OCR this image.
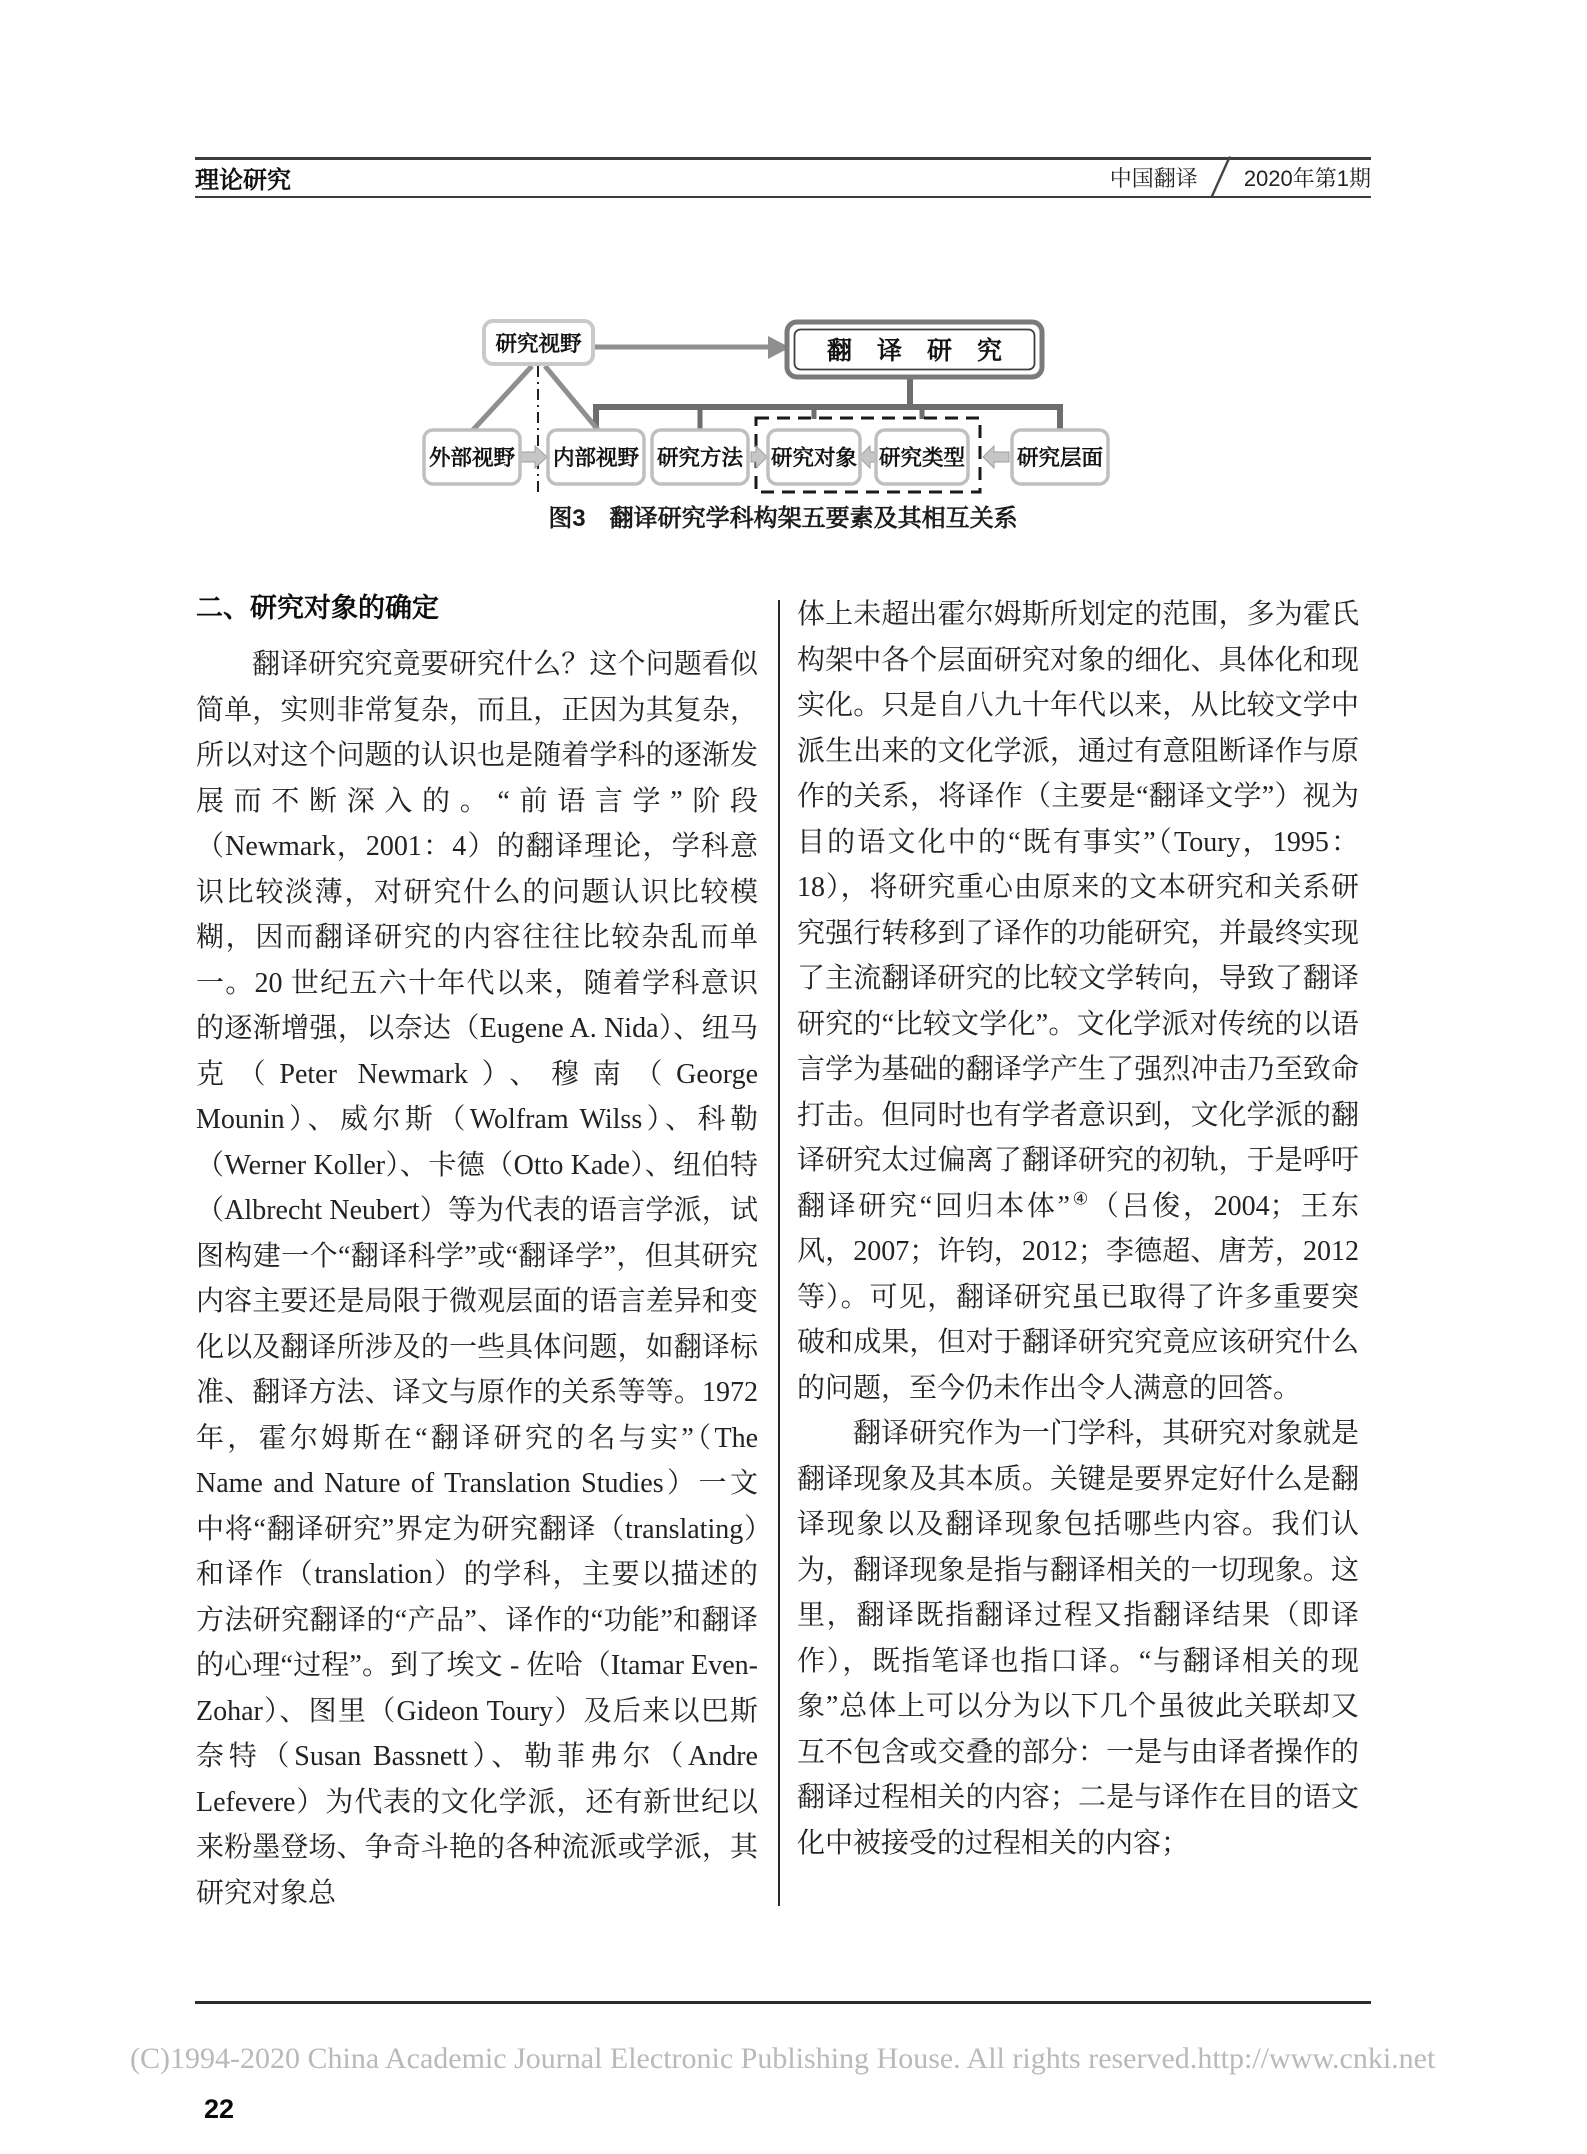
理论研究	中国翻译 ╱ 2020年第1期
研究视野	翻　译　研　究
外部视野 内部视野 研究方法 研究对象 研究类型 研究层面
图3　翻译研究学科构架五要素及其相互关系
二、研究对象的确定

翻译研究究竟要研究什么？这个问题看似简单，实则非常复杂，而且，正因为其复杂，所以对这个问题的认识也是随着学科的逐渐发展而不断深入的。“前语言学”阶段（Newmark，2001：4）的翻译理论，学科意识比较淡薄，对研究什么的问题认识比较模糊，因而翻译研究的内容往往比较杂乱而单一。20 世纪五六十年代以来，随着学科意识的逐渐增强，以奈达（Eugene A. Nida）、纽马克（Peter Newmark）、穆南（George Mounin）、威尔斯（Wolfram Wilss）、科勒（Werner Koller）、卡德（Otto Kade）、纽伯特（Albrecht Neubert）等为代表的语言学派，试图构建一个“翻译科学”或“翻译学”，但其研究内容主要还是局限于微观层面的语言差异和变化以及翻译所涉及的一些具体问题，如翻译标准、翻译方法、译文与原作的关系等等。1972 年，霍尔姆斯在“翻译研究的名与实”（The Name and Nature of Translation Studies）一文中将“翻译研究”界定为研究翻译（translating）和译作（translation）的学科，主要以描述的方法研究翻译的“产品”、译作的“功能”和翻译的心理“过程”。到了埃文 - 佐哈（Itamar Even-Zohar）、图里（Gideon Toury）及后来以巴斯奈特（Susan Bassnett）、勒菲弗尔（Andre Lefevere）为代表的文化学派，还有新世纪以来粉墨登场、争奇斗艳的各种流派或学派，其研究对象总

体上未超出霍尔姆斯所划定的范围，多为霍氏构架中各个层面研究对象的细化、具体化和现实化。只是自八九十年代以来，从比较文学中派生出来的文化学派，通过有意阻断译作与原作的关系，将译作（主要是“翻译文学”）视为目的语文化中的“既有事实”（Toury，1995：18），将研究重心由原来的文本研究和关系研究强行转移到了译作的功能研究，并最终实现了主流翻译研究的比较文学转向，导致了翻译研究的“比较文学化”。文化学派对传统的以语言学为基础的翻译学产生了强烈冲击乃至致命打击。但同时也有学者意识到，文化学派的翻译研究太过偏离了翻译研究的初轨，于是呼吁翻译研究“回归本体”④（吕俊，2004；王东风，2007；许钧，2012；李德超、唐芳，2012 等）。可见，翻译研究虽已取得了许多重要突破和成果，但对于翻译研究究竟应该研究什么的问题，至今仍未作出令人满意的回答。

翻译研究作为一门学科，其研究对象就是翻译现象及其本质。关键是要界定好什么是翻译现象以及翻译现象包括哪些内容。我们认为，翻译现象是指与翻译相关的一切现象。这里，翻译既指翻译过程又指翻译结果（即译作），既指笔译也指口译。“与翻译相关的现象”总体上可以分为以下几个虽彼此关联却又互不包含或交叠的部分：一是与由译者操作的翻译过程相关的内容；二是与译作在目的语文化中被接受的过程相关的内容；

(C)1994-2020 China Academic Journal Electronic Publishing House. All rights reserved. http://www.cnki.net
22
